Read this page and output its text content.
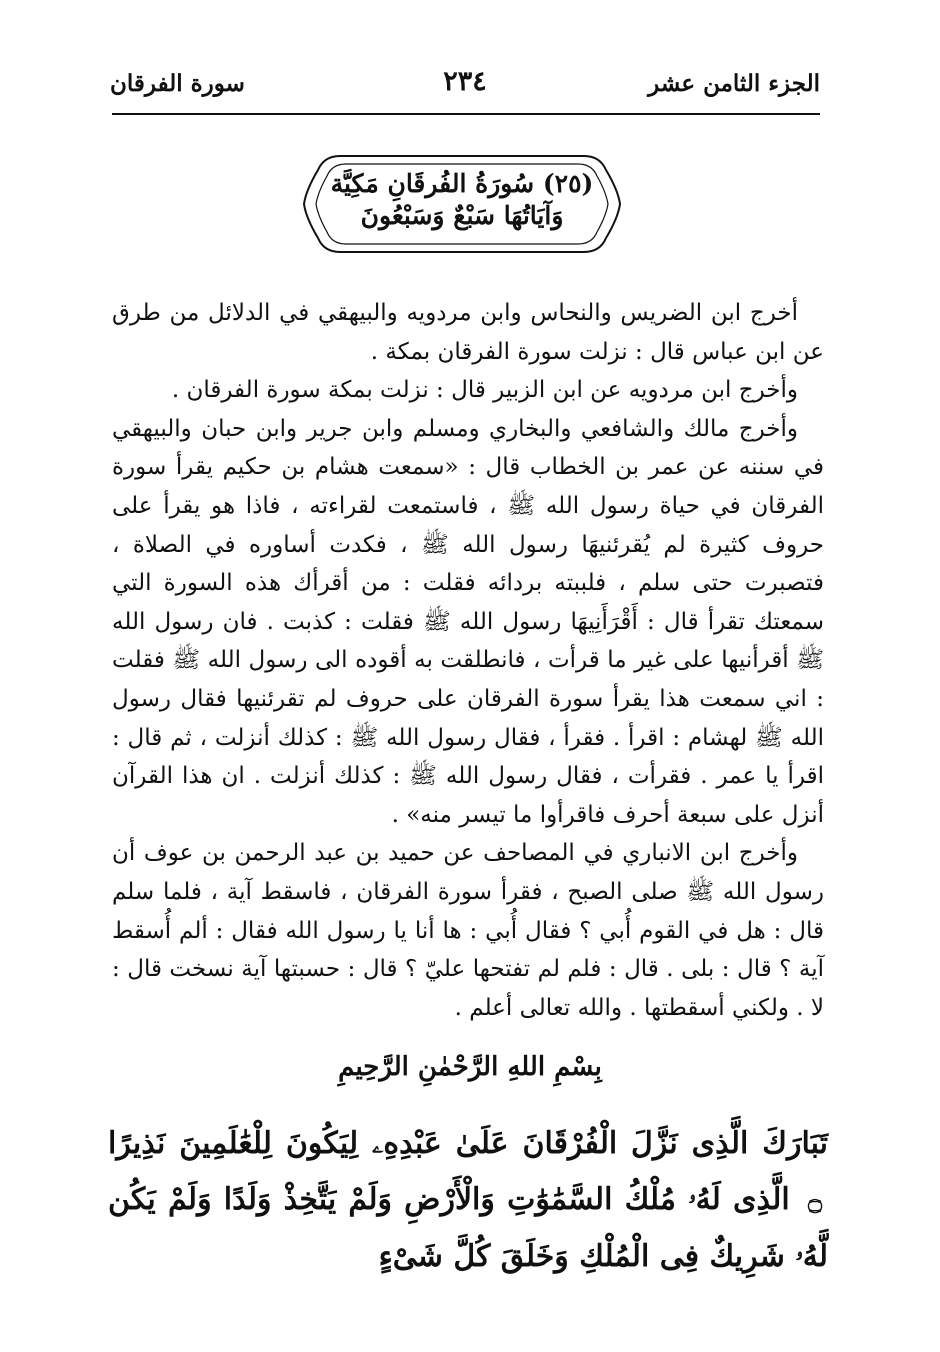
الجزء الثامن عشر
٢٣٤
سورة الفرقان
(٢٥) سُورَةُ الفُرقَانِ مَكِيَّة
وَآيَاتُهَا سَبْعٌ وَسَبْعُونَ

أخرج ابن الضريس والنحاس وابن مردويه والبيهقي في الدلائل من طرق عن ابن عباس قال : نزلت سورة الفرقان بمكة .

وأخرج ابن مردويه عن ابن الزبير قال : نزلت بمكة سورة الفرقان .

وأخرج مالك والشافعي والبخاري ومسلم وابن جرير وابن حبان والبيهقي في سننه عن عمر بن الخطاب قال : «سمعت هشام بن حكيم يقرأ سورة الفرقان في حياة رسول الله ﷺ ، فاستمعت لقراءته ، فاذا هو يقرأ على حروف كثيرة لم يُقرئنيهَا رسول الله ﷺ ، فكدت أساوره في الصلاة ، فتصبرت حتى سلم ، فلببته بردائه فقلت : من أقرأك هذه السورة التي سمعتك تقرأ قال : أَقْرَأَنِيهَا رسول الله ﷺ فقلت : كذبت . فان رسول الله ﷺ أقرأنيها على غير ما قرأت ، فانطلقت به أقوده الى رسول الله ﷺ فقلت : اني سمعت هذا يقرأ سورة الفرقان على حروف لم تقرئنيها فقال رسول الله ﷺ لهشام : اقرأ . فقرأ ، فقال رسول الله ﷺ : كذلك أنزلت ، ثم قال : اقرأ يا عمر . فقرأت ، فقال رسول الله ﷺ : كذلك أنزلت . ان هذا القرآن أنزل على سبعة أحرف فاقرأوا ما تيسر منه» .

وأخرج ابن الانباري في المصاحف عن حميد بن عبد الرحمن بن عوف أن رسول الله ﷺ صلى الصبح ، فقرأ سورة الفرقان ، فاسقط آية ، فلما سلم قال : هل في القوم أُبي ؟ فقال أُبي : ها أنا يا رسول الله فقال : ألم أُسقط آية ؟ قال : بلى . قال : فلم لم تفتحها عليّ ؟ قال : حسبتها آية نسخت قال : لا . ولكني أسقطتها . والله تعالى أعلم .

بِسْمِ اللهِ الرَّحْمٰنِ الرَّحِيمِ
تَبَارَكَ الَّذِى نَزَّلَ الْفُرْقَانَ عَلَىٰ عَبْدِهِۦ لِيَكُونَ لِلْعَٰلَمِينَ نَذِيرًا ۝ الَّذِى لَهُۥ مُلْكُ السَّمَٰوَٰتِ وَالْأَرْضِ وَلَمْ يَتَّخِذْ وَلَدًا وَلَمْ يَكُن لَّهُۥ شَرِيكٌ فِى الْمُلْكِ وَخَلَقَ كُلَّ شَىْءٍ
